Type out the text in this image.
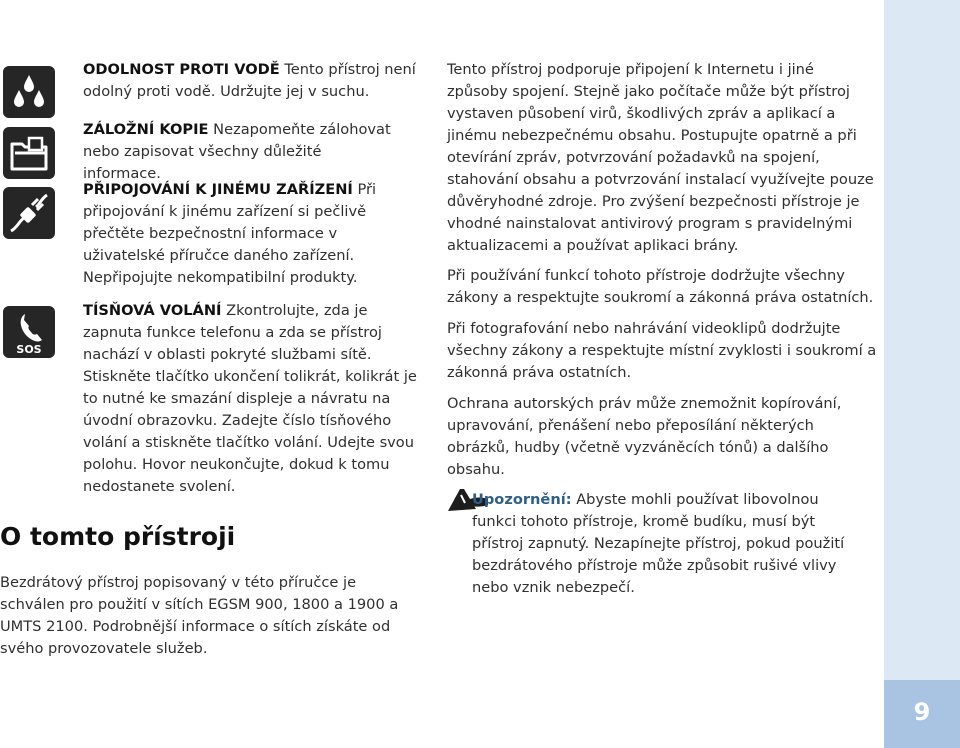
SOS

ODOLNOST PROTI VODĚ Tento přístroj není odolný proti vodě. Udržujte jej v suchu.

ZÁLOŽNÍ KOPIE Nezapomeňte zálohovat nebo zapisovat všechny důležité informace.

PŘIPOJOVÁNÍ K JINÉMU ZAŘÍZENÍ Při připojování k jinému zařízení si pečlivě přečtěte bezpečnostní informace v uživatelské příručce daného zařízení. Nepřipojujte nekompatibilní produkty.

TÍSŇOVÁ VOLÁNÍ Zkontrolujte, zda je zapnuta funkce telefonu a zda se přístroj nachází v oblasti pokryté službami sítě. Stiskněte tlačítko ukončení tolikrát, kolikrát je to nutné ke smazání displeje a návratu na úvodní obrazovku. Zadejte číslo tísňového volání a stiskněte tlačítko volání. Udejte svou polohu. Hovor neukončujte, dokud k tomu nedostanete svolení.

O tomto přístroji

Bezdrátový přístroj popisovaný v této příručce je schválen pro použití v sítích EGSM 900, 1800 a 1900 a UMTS 2100. Podrobnější informace o sítích získáte od svého provozovatele služeb.

Tento přístroj podporuje připojení k Internetu i jiné způsoby spojení. Stejně jako počítače může být přístroj vystaven působení virů, škodlivých zpráv a aplikací a jinému nebezpečnému obsahu. Postupujte opatrně a při otevírání zpráv, potvrzování požadavků na spojení, stahování obsahu a potvrzování instalací využívejte pouze důvěryhodné zdroje. Pro zvýšení bezpečnosti přístroje je vhodné nainstalovat antivirový program s pravidelnými aktualizacemi a používat aplikaci brány.

Při používání funkcí tohoto přístroje dodržujte všechny zákony a respektujte soukromí a zákonná práva ostatních.

Při fotografování nebo nahrávání videoklipů dodržujte všechny zákony a respektujte místní zvyklosti i soukromí a zákonná práva ostatních.

Ochrana autorských práv může znemožnit kopírování, upravování, přenášení nebo přeposílání některých obrázků, hudby (včetně vyzváněcích tónů) a dalšího obsahu.

Upozornění: Abyste mohli používat libovolnou funkci tohoto přístroje, kromě budíku, musí být přístroj zapnutý. Nezapínejte přístroj, pokud použití bezdrátového přístroje může způsobit rušivé vlivy nebo vznik nebezpečí.

9
